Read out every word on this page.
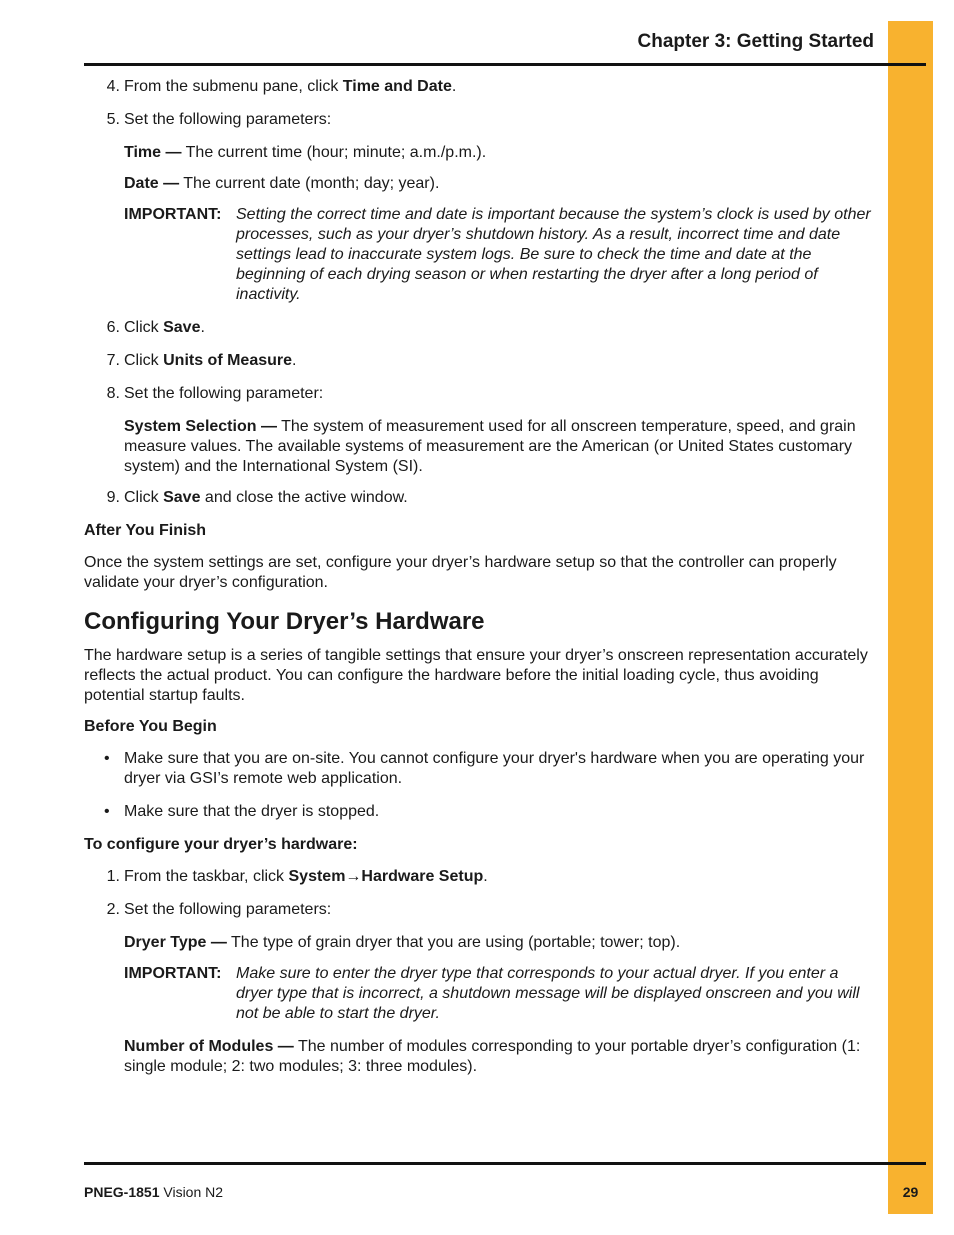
Chapter 3: Getting Started

4. From the submenu pane, click Time and Date.

5. Set the following parameters:

Time — The current time (hour; minute; a.m./p.m.).

Date — The current date (month; day; year).

IMPORTANT: Setting the correct time and date is important because the system’s clock is used by other processes, such as your dryer’s shutdown history. As a result, incorrect time and date settings lead to inaccurate system logs. Be sure to check the time and date at the beginning of each drying season or when restarting the dryer after a long period of inactivity.

6. Click Save.

7. Click Units of Measure.

8. Set the following parameter:

System Selection — The system of measurement used for all onscreen temperature, speed, and grain measure values. The available systems of measurement are the American (or United States customary system) and the International System (SI).

9. Click Save and close the active window.

After You Finish

Once the system settings are set, configure your dryer’s hardware setup so that the controller can properly validate your dryer’s configuration.

Configuring Your Dryer’s Hardware

The hardware setup is a series of tangible settings that ensure your dryer’s onscreen representation accurately reflects the actual product. You can configure the hardware before the initial loading cycle, thus avoiding potential startup faults.

Before You Begin

• Make sure that you are on-site. You cannot configure your dryer's hardware when you are operating your dryer via GSI’s remote web application.

• Make sure that the dryer is stopped.

To configure your dryer’s hardware:

1. From the taskbar, click System→Hardware Setup.

2. Set the following parameters:

Dryer Type — The type of grain dryer that you are using (portable; tower; top).

IMPORTANT: Make sure to enter the dryer type that corresponds to your actual dryer. If you enter a dryer type that is incorrect, a shutdown message will be displayed onscreen and you will not be able to start the dryer.

Number of Modules — The number of modules corresponding to your portable dryer’s configuration (1: single module; 2: two modules; 3: three modules).

PNEG-1851 Vision N2	29
